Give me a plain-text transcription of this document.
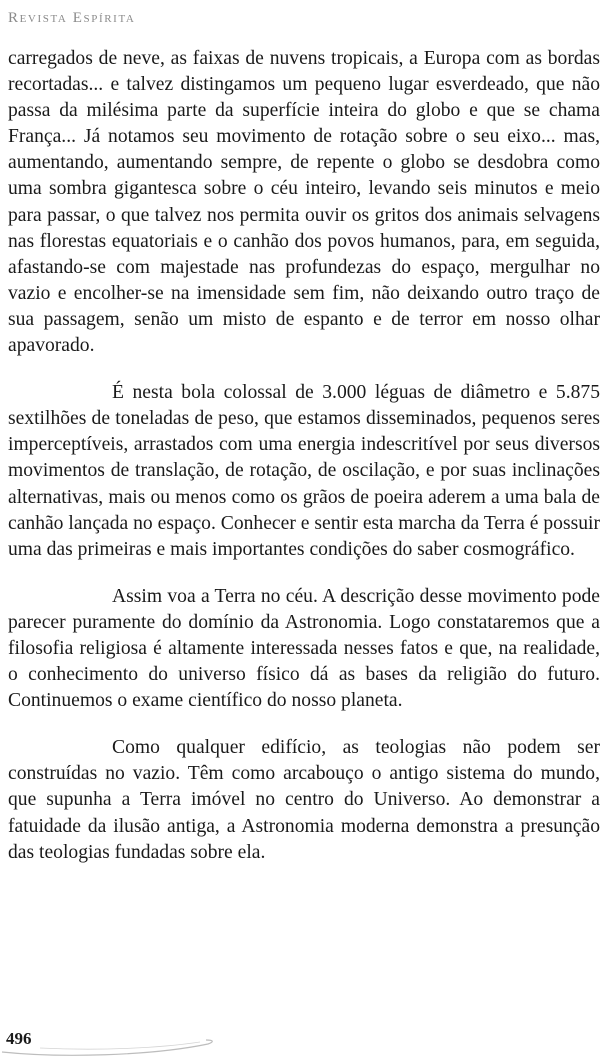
Revista Espírita

carregados de neve, as faixas de nuvens tropicais, a Europa com as bordas recortadas... e talvez distingamos um pequeno lugar esverdeado, que não passa da milésima parte da superfície inteira do globo e que se chama França... Já notamos seu movimento de rotação sobre o seu eixo... mas, aumentando, aumentando sempre, de repente o globo se desdobra como uma sombra gigantesca sobre o céu inteiro, levando seis minutos e meio para passar, o que talvez nos permita ouvir os gritos dos animais selvagens nas florestas equatoriais e o canhão dos povos humanos, para, em seguida, afastando-se com majestade nas profundezas do espaço, mergulhar no vazio e encolher-se na imensidade sem fim, não deixando outro traço de sua passagem, senão um misto de espanto e de terror em nosso olhar apavorado.

É nesta bola colossal de 3.000 léguas de diâmetro e 5.875 sextilhões de toneladas de peso, que estamos disseminados, pequenos seres imperceptíveis, arrastados com uma energia indescritível por seus diversos movimentos de translação, de rotação, de oscilação, e por suas inclinações alternativas, mais ou menos como os grãos de poeira aderem a uma bala de canhão lançada no espaço. Conhecer e sentir esta marcha da Terra é possuir uma das primeiras e mais importantes condições do saber cosmográfico.

Assim voa a Terra no céu. A descrição desse movimento pode parecer puramente do domínio da Astronomia. Logo constataremos que a filosofia religiosa é altamente interessada nesses fatos e que, na realidade, o conhecimento do universo físico dá as bases da religião do futuro. Continuemos o exame científico do nosso planeta.

Como qualquer edifício, as teologias não podem ser construídas no vazio. Têm como arcabouço o antigo sistema do mundo, que supunha a Terra imóvel no centro do Universo. Ao demonstrar a fatuidade da ilusão antiga, a Astronomia moderna demonstra a presunção das teologias fundadas sobre ela.

496
